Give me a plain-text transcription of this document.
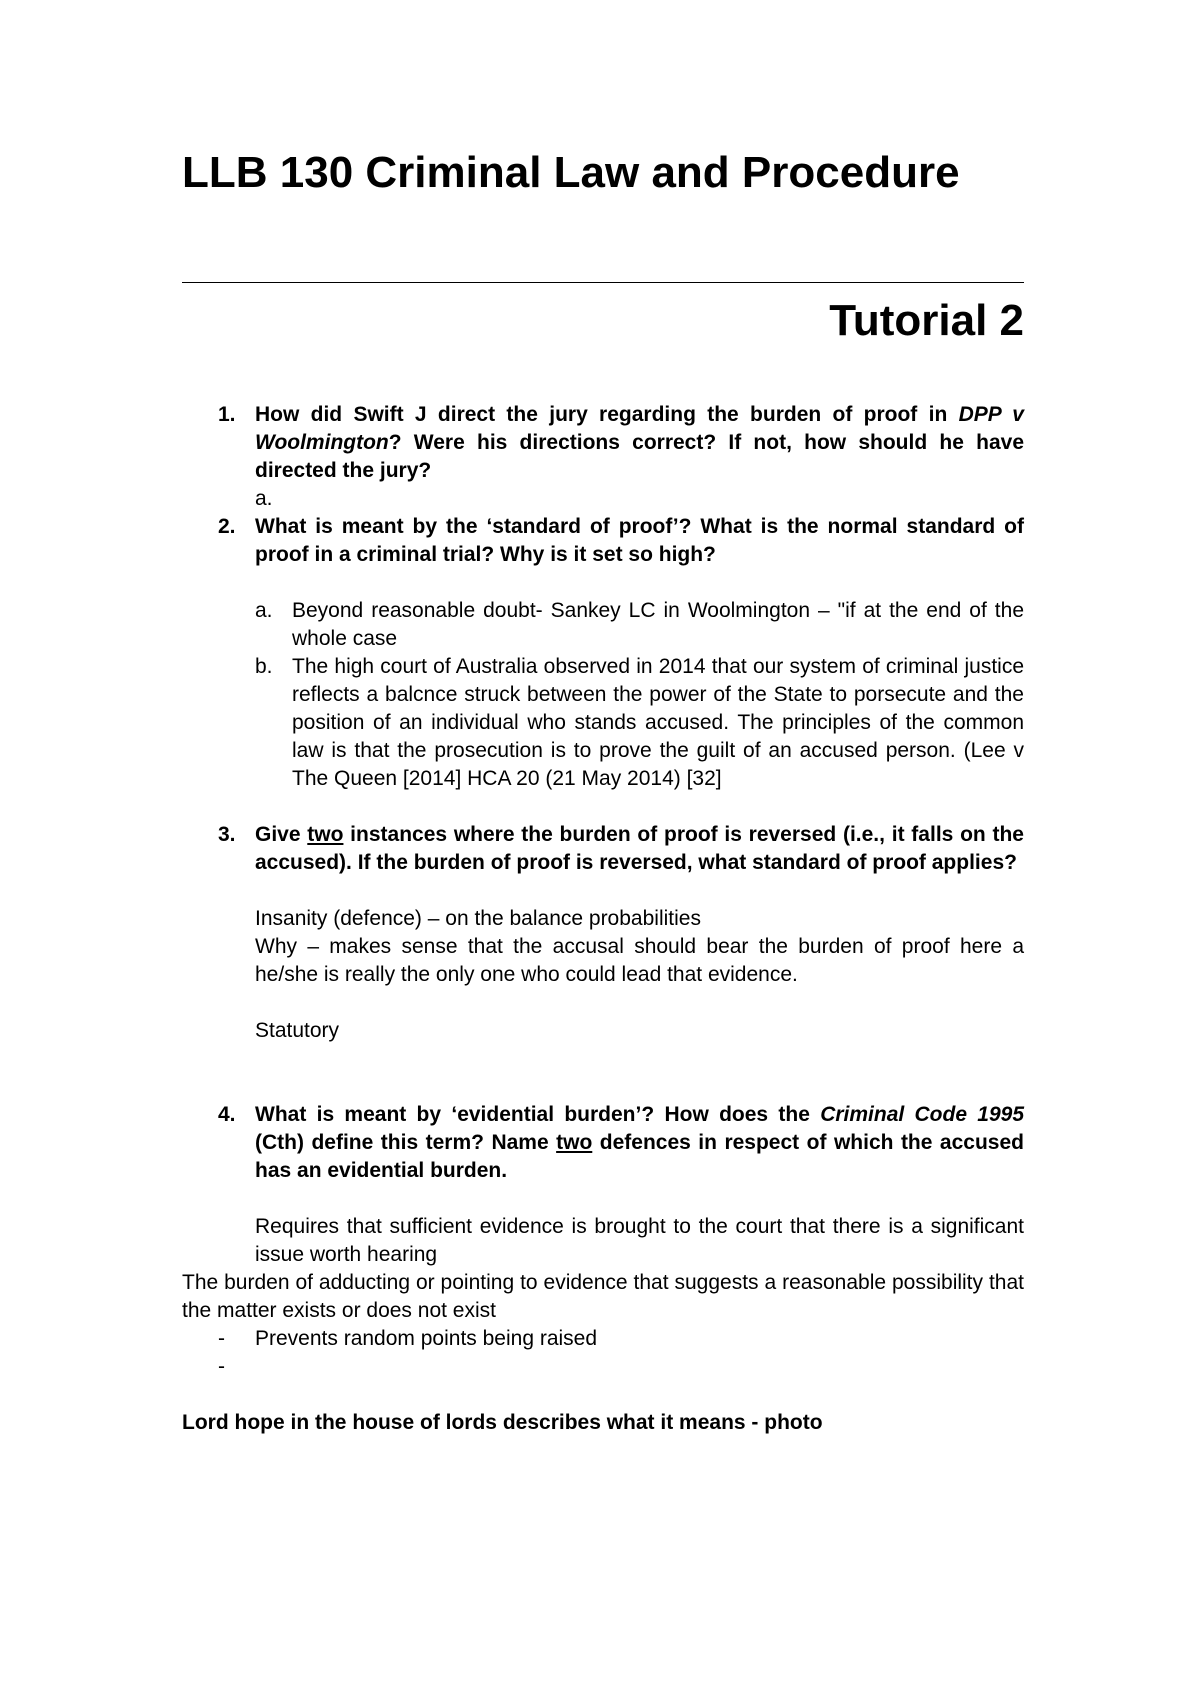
LLB 130 Criminal Law and Procedure
Tutorial 2

1. How did Swift J direct the jury regarding the burden of proof in DPP v Woolmington? Were his directions correct? If not, how should he have directed the jury?

a.

2. What is meant by the ‘standard of proof’? What is the normal standard of proof in a criminal trial? Why is it set so high?

a. Beyond reasonable doubt- Sankey LC in Woolmington – "if at the end of the whole case

b. The high court of Australia observed in 2014 that our system of criminal justice reflects a balcnce struck between the power of the State to porsecute and the position of an individual who stands accused. The principles of the common law is that the prosecution is to prove the guilt of an accused person. (Lee v The Queen [2014] HCA 20 (21 May 2014) [32]

3. Give two instances where the burden of proof is reversed (i.e., it falls on the accused). If the burden of proof is reversed, what standard of proof applies?

Insanity (defence) – on the balance probabilities

Why – makes sense that the accusal should bear the burden of proof here a he/she is really the only one who could lead that evidence.

Statutory

4. What is meant by ‘evidential burden’? How does the Criminal Code 1995 (Cth) define this term? Name two defences in respect of which the accused has an evidential burden.

Requires that sufficient evidence is brought to the court that there is a significant issue worth hearing

The burden of adducting or pointing to evidence that suggests a reasonable possibility that the matter exists or does not exist

- Prevents random points being raised

-

Lord hope in the house of lords describes what it means - photo
